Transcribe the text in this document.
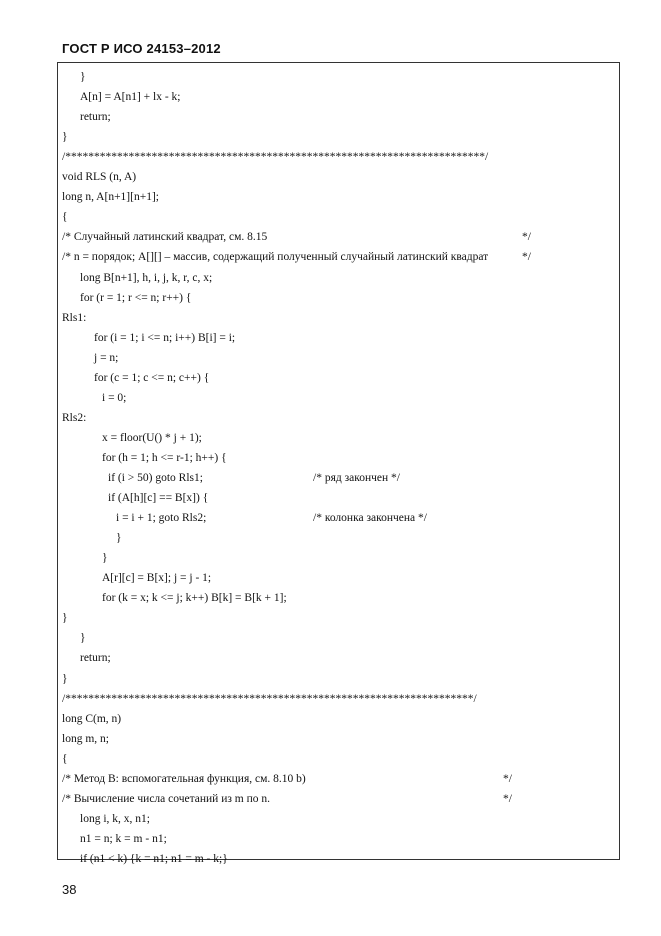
ГОСТ Р ИСО 24153–2012
}
A[n] = A[n1] + lx - k;
return;
}
/*************************************************************************/
void RLS (n, A)
long n, A[n+1][n+1];
{
/* Случайный латинский квадрат, см. 8.15
/* n = порядок; A[][] – массив, содержащий полученный случайный латинский квадрат
long B[n+1], h, i, j, k, r, c, x;
for (r = 1; r <= n; r++) {
Rls1:
for (i = 1; i <= n; i++) B[i] = i;
j = n;
for (c = 1; c <= n; c++) {
i = 0;
Rls2:
x = floor(U() * j + 1);
for (h = 1; h <= r-1; h++) {
if (i > 50) goto Rls1;
if (A[h][c] == B[x]) {
i = i + 1; goto Rls2;
}
}
A[r][c] = B[x]; j = j - 1;
for (k = x; k <= j; k++) B[k] = B[k + 1];
}
}
return;
}
/***********************************************************************/
long C(m, n)
long m, n;
{
/* Метод B: вспомогательная функция, см. 8.10 b)
/* Вычисление числа сочетаний из m по n.
long i, k, x, n1;
n1 = n; k = m - n1;
if (n1 < k) {k = n1; n1 = m - k;}
*/
*/
/* ряд закончен */
/* колонка закончена */
*/
*/
38
